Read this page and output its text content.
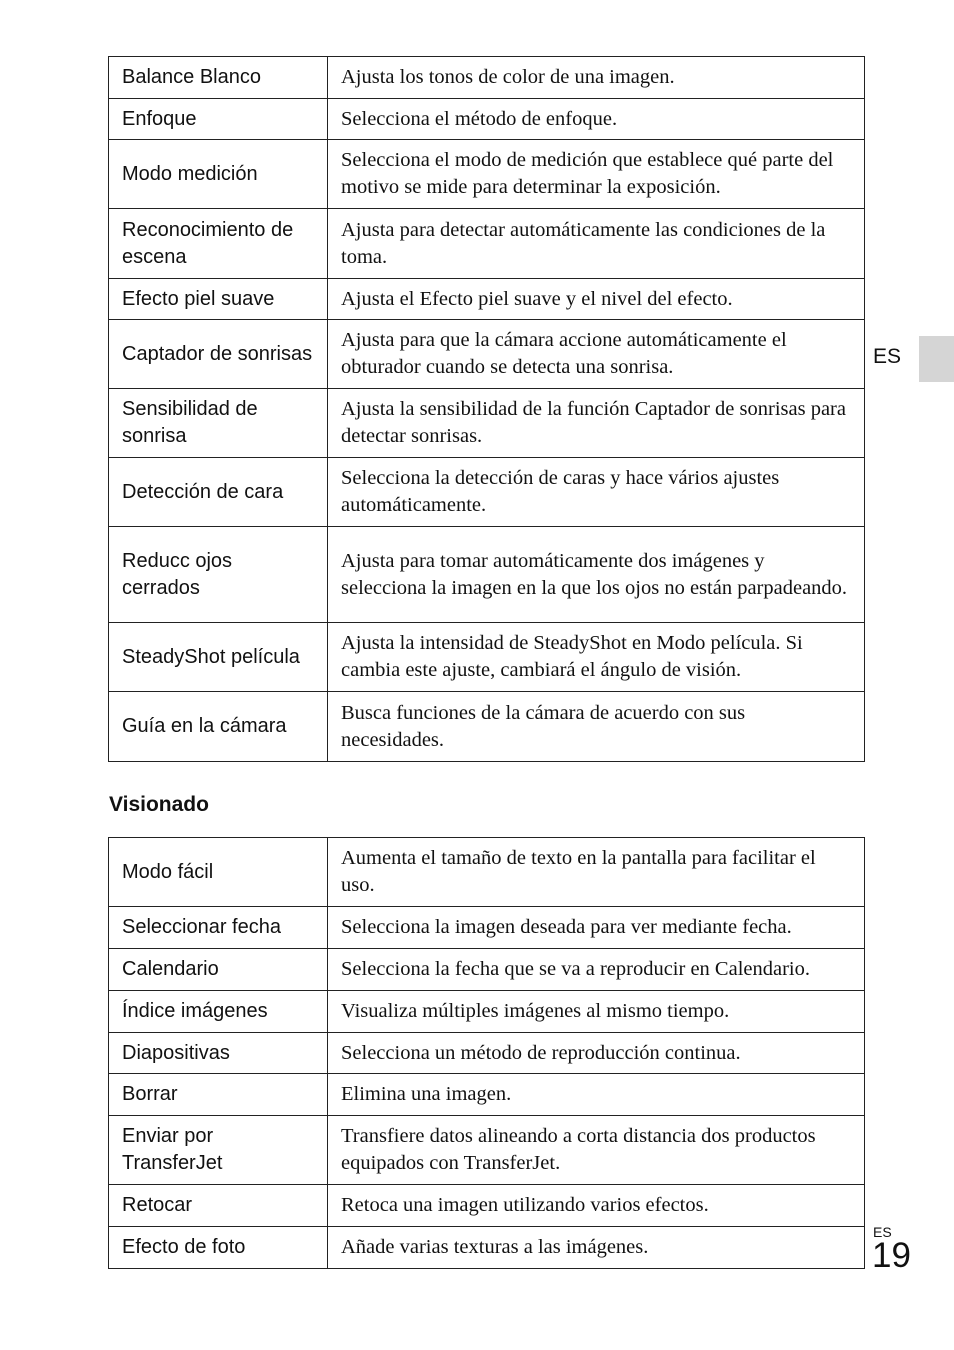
Balance Blanco	Ajusta los tonos de color de una imagen.
Enfoque	Selecciona el método de enfoque.
Modo medición	Selecciona el modo de medición que establece qué parte del motivo se mide para determinar la exposición.
Reconocimiento de escena	Ajusta para detectar automáticamente las condiciones de la toma.
Efecto piel suave	Ajusta el Efecto piel suave y el nivel del efecto.
Captador de sonrisas	Ajusta para que la cámara accione automáticamente el obturador cuando se detecta una sonrisa.
Sensibilidad de sonrisa	Ajusta la sensibilidad de la función Captador de sonrisas para detectar sonrisas.
Detección de cara	Selecciona la detección de caras y hace vários ajustes automáticamente.
Reducc ojos cerrados	Ajusta para tomar automáticamente dos imágenes y selecciona la imagen en la que los ojos no están parpadeando.
SteadyShot película	Ajusta la intensidad de SteadyShot en Modo película. Si cambia este ajuste, cambiará el ángulo de visión.
Guía en la cámara	Busca funciones de la cámara de acuerdo con sus necesidades.
Visionado
Modo fácil	Aumenta el tamaño de texto en la pantalla para facilitar el uso.
Seleccionar fecha	Selecciona la imagen deseada para ver mediante fecha.
Calendario	Selecciona la fecha que se va a reproducir en Calendario.
Índice imágenes	Visualiza múltiples imágenes al mismo tiempo.
Diapositivas	Selecciona un método de reproducción continua.
Borrar	Elimina una imagen.
Enviar por TransferJet	Transfiere datos alineando a corta distancia dos productos equipados con TransferJet.
Retocar	Retoca una imagen utilizando varios efectos.
Efecto de foto	Añade varias texturas a las imágenes.
ES
ES
19
